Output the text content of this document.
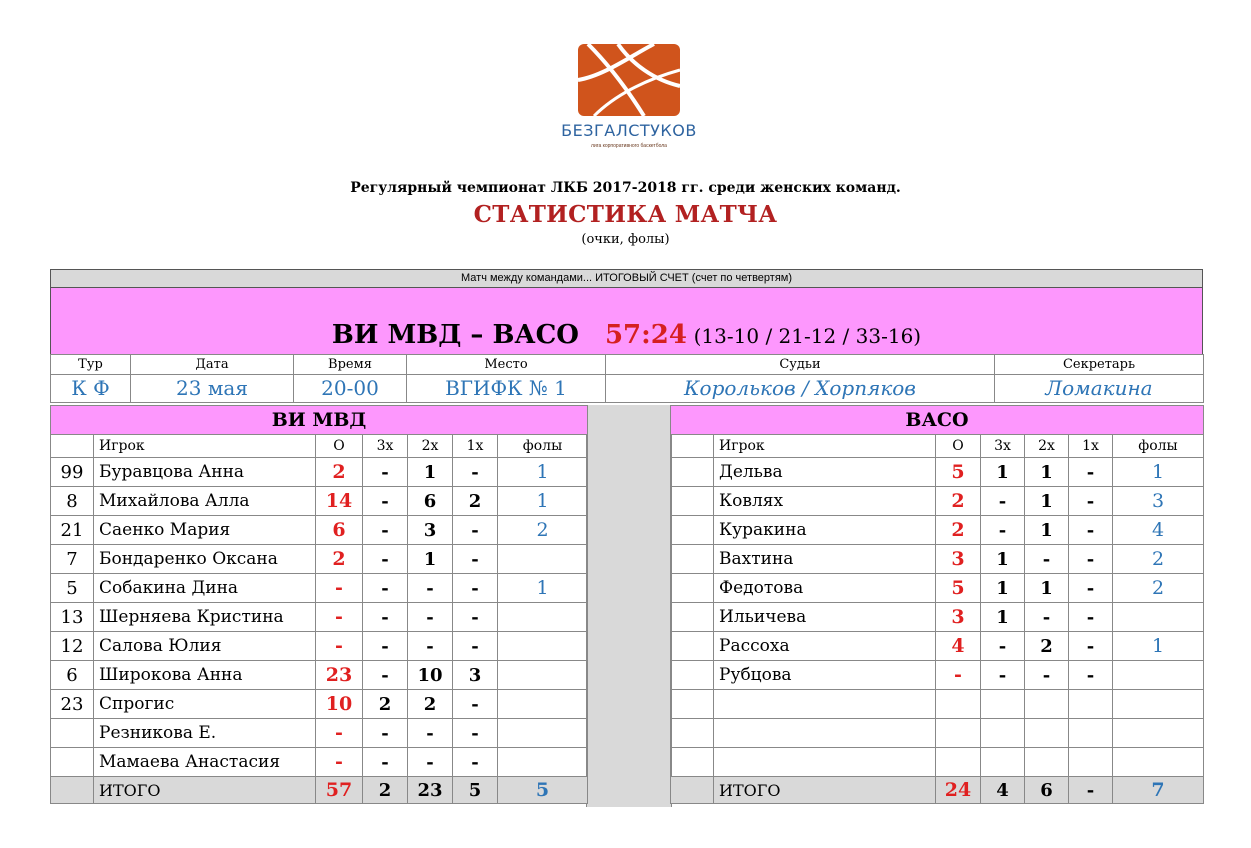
БЕЗГАЛСТУКОВ
лига корпоративного баскетбола
Регулярный чемпионат ЛКБ 2017-2018 гг. среди женских команд.
СТАТИСТИКА МАТЧА
(очки, фолы)
Матч между командами... ИТОГОВЫЙ СЧЕТ (счет по четвертям)
ВИ МВД – ВАСО 57:24 (13-10 / 21-12 / 33-16)
Тур	Дата	Время	Место	Судьи	Секретарь
К Ф	23 мая	20-00	ВГИФК № 1	Корольков / Хорпяков	Ломакина
ВИ МВД						
	Игрок	О	3х	2х	1х	фолы
99	Буравцова Анна	2	-	1	-	1
8	Михайлова Алла	14	-	6	2	1
21	Саенко Мария	6	-	3	-	2
7	Бондаренко Оксана	2	-	1	-	
5	Собакина Дина	-	-	-	-	1
13	Шерняева Кристина	-	-	-	-	
12	Салова Юлия	-	-	-	-	
6	Широкова Анна	23	-	10	3	
23	Спрогис	10	2	2	-	
	Резникова Е.	-	-	-	-	
	Мамаева Анастасия	-	-	-	-	
	ИТОГО	57	2	23	5	5
ВАСО						
	Игрок	О	3х	2х	1х	фолы
	Дельва	5	1	1	-	1
	Ковлях	2	-	1	-	3
	Куракина	2	-	1	-	4
	Вахтина	3	1	-	-	2
	Федотова	5	1	1	-	2
	Ильичева	3	1	-	-	
	Рассоха	4	-	2	-	1
	Рубцова	-	-	-	-	

	ИТОГО	24	4	6	-	7
